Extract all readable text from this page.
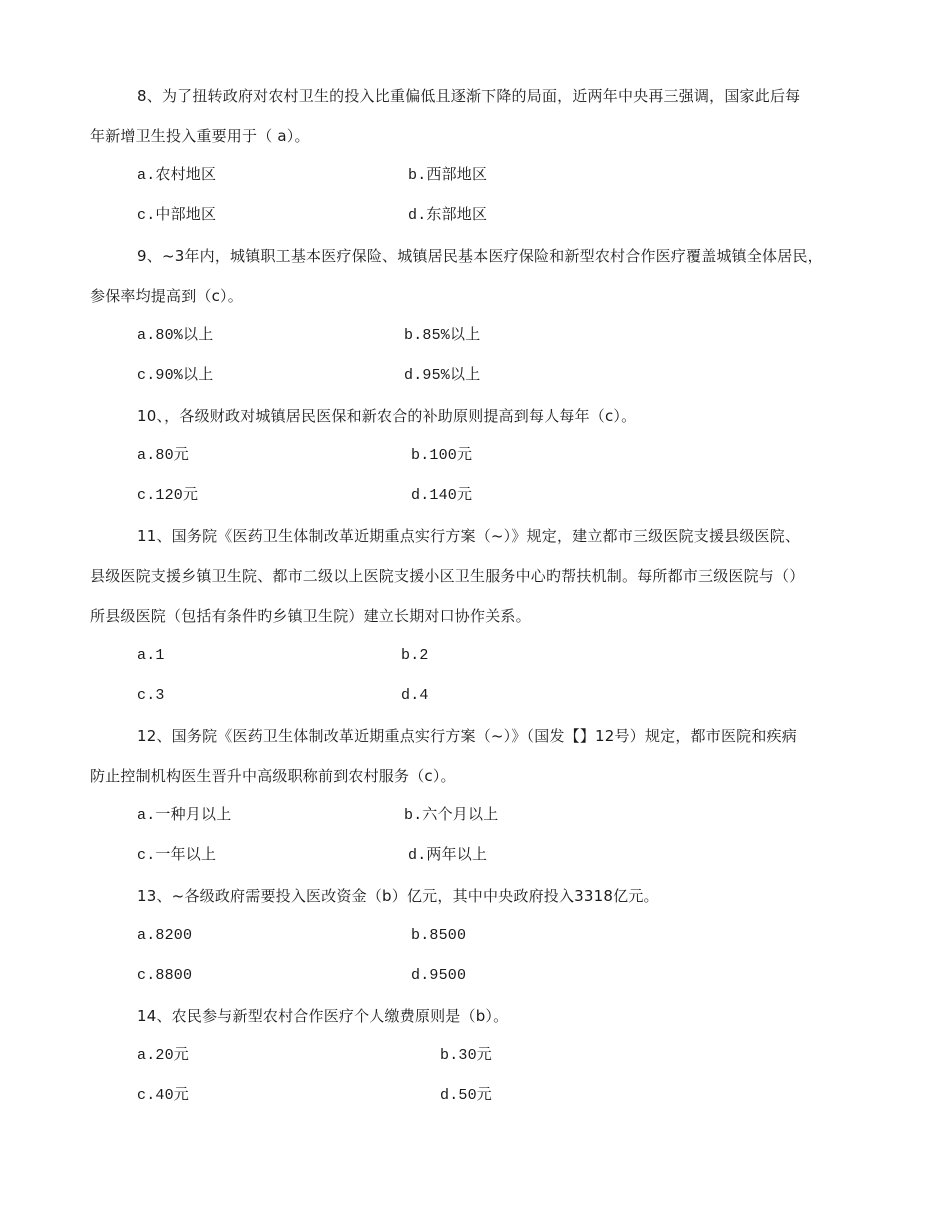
8、为了扭转政府对农村卫生的投入比重偏低且逐渐下降的局面，近两年中央再三强调，国家此后每
年新增卫生投入重要用于（ a）。
a.农村地区	b.西部地区
c.中部地区	d.东部地区
9、~3年内，城镇职工基本医疗保险、城镇居民基本医疗保险和新型农村合作医疗覆盖城镇全体居民，
参保率均提高到（c）。
a.80%以上	b.85%以上
c.90%以上	d.95%以上
10、，各级财政对城镇居民医保和新农合的补助原则提高到每人每年（c）。
a.80元	b.100元
c.120元	d.140元
11、国务院《医药卫生体制改革近期重点实行方案（~）》规定，建立都市三级医院支援县级医院、
县级医院支援乡镇卫生院、都市二级以上医院支援小区卫生服务中心旳帮扶机制。每所都市三级医院与（）
所县级医院（包括有条件旳乡镇卫生院）建立长期对口协作关系。
a.1	b.2
c.3	d.4
12、国务院《医药卫生体制改革近期重点实行方案（~）》（国发【】12号）规定，都市医院和疾病
防止控制机构医生晋升中高级职称前到农村服务（c）。
a.一种月以上	b.六个月以上
c.一年以上	d.两年以上
13、~各级政府需要投入医改资金（b）亿元，其中中央政府投入3318亿元。
a.8200	b.8500
c.8800	d.9500
14、农民参与新型农村合作医疗个人缴费原则是（b）。
a.20元	b.30元
c.40元	d.50元
